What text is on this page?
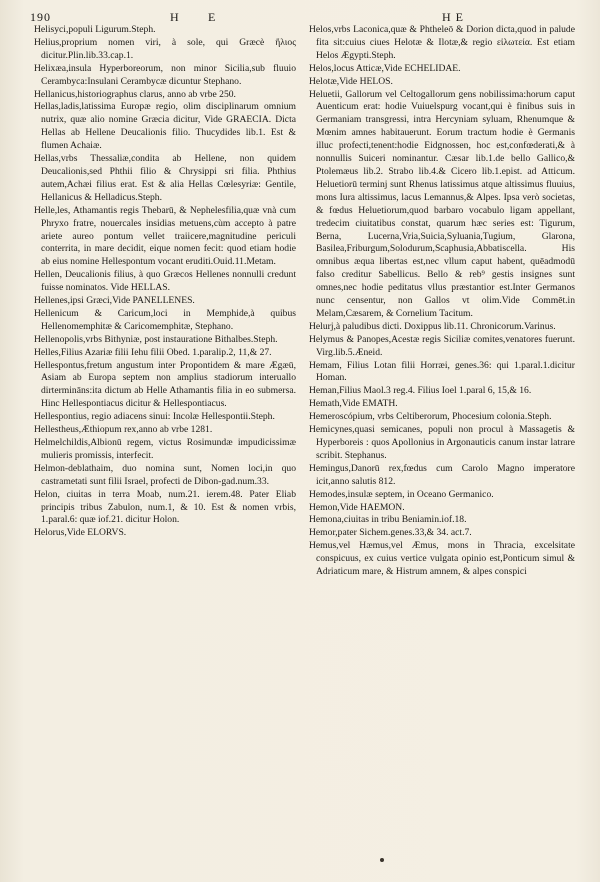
190	H E	H E

Helisyci,populi Ligurum.Steph.

Helius,proprium nomen viri, à sole, qui Græcè ἥλιος dicitur.Plin.lib.33.cap.1.

Helixæa,insula Hyperboreorum, non minor Sicilia,sub fluuio Cerambyca:Insulani Cerambycæ dicuntur Stephano.

Hellanicus,historiographus clarus, anno ab vrbe 250.

Hellas,ladis,latissima Europæ regio, olim disciplinarum omnium nutrix, quæ alio nomine Græcia dicitur, Vide GRAECIA. Dicta Hellas ab Hellene Deucalionis filio. Thucydides lib.1. Est & flumen Achaiæ.

Hellas,vrbs Thessaliæ,condita ab Hellene, non quidem Deucalionis,sed Phthii filio & Chrysippi sri filia. Phthius autem,Achæi filius erat. Est & alia Hellas Cœlesyriæ: Gentile, Hellanicus & Helladicus.Steph.

Helle,les, Athamantis regis Thebarū, & Nephelesfilia,quæ vnà cum Phryxo fratre, nouercales insidias metuens,cùm accepto à patre ariete aureo pontum vellet traiicere,magnitudine periculi conterrita, in mare decidit, eique nomen fecit: quod etiam hodie ab eius nomine Hellespontum vocant eruditi.Ouid.11.Metam.

Hellen, Deucalionis filius, à quo Græcos Hellenes nonnulli credunt fuisse nominatos. Vide HELLAS.

Hellenes,ipsi Græci,Vide PANELLENES.

Hellenicum & Caricum,loci in Memphide,à quibus Hellenomemphitæ & Caricomemphitæ, Stephano.

Hellenopolis,vrbs Bithyniæ, post instauratione Bithalbes.Steph.

Helles,Filius Azariæ filii Iehu filii Obed. 1.paralip.2, 11,& 27.

Hellespontus,fretum angustum inter Propontidem & mare Ægæū, Asiam ab Europa septem non amplius stadiorum interuallo dirtermināns:ita dictum ab Helle Athamantis filia in eo submersa. Hinc Hellespontiacus dicitur & Hellespontiacus.

Hellespontius, regio adiacens sinui: Incolæ Hellespontii.Steph.

Hellestheus,Æthiopum rex,anno ab vrbe 1281.

Helmelchildis,Albionū regem, victus Rosimundæ impudicissimæ mulieris promissis, interfecit.

Helmon-deblathaim, duo nomina sunt, Nomen loci,in quo castrametati sunt filii Israel, profecti de Dibon-gad.num.33.

Helon, ciuitas in terra Moab, num.21. ierem.48. Pater Eliab principis tribus Zabulon, num.1, & 10. Est & nomen vrbis, 1.paral.6: quæ iof.21. dicitur Holon.

Helorus,Vide ELORVS.

Helos,vrbs Laconica,quæ & Phtheleō & Dorion dicta,quod in palude fita sit:cuius ciues Helotæ & Ilotæ,& regio εἱλωτεία. Est etiam Helos Ægypti.Steph.

Helos,locus Atticæ,Vide ECHELIDAE.

Helotæ,Vide HELOS.

Heluetii, Gallorum vel Celtogallorum gens nobilissima:horum caput Auenticum erat: hodie Vuiuelspurg vocant,qui è finibus suis in Germaniam transgressi, intra Hercyniam syluam, Rhenumque & Mœnim amnes habitauerunt. Eorum tractum hodie è Germanis illuc profecti,tenent:hodie Eidgnossen, hoc est,confœderati,& à nonnullis Suiceri nominantur. Cæsar lib.1.de bello Gallico,& Ptolemæus lib.2. Strabo lib.4.& Cicero lib.1.epist. ad Atticum. Heluetiorū terminj sunt Rhenus latissimus atque altissimus fluuius, mons Iura altissimus, lacus Lemannus,& Alpes. Ipsa verò societas, & fœdus Heluetiorum,quod barbaro vocabulo ligam appellant, tredecim ciuitatibus constat, quarum hæc series est: Tigurum, Berna, Lucerna,Vria,Suicia,Syluania,Tugium, Glarona, Basilea,Friburgum,Solodurum,Scaphusia,Abbatiscella. His omnibus æqua libertas est,nec vllum caput habent, quēadmodū falso creditur Sabellicus. Bello & reb⁹ gestis insignes sunt omnes,nec hodie peditatus vllus præstantior est.Inter Germanos nunc censentur, non Gallos vt olim.Vide Commēt.in Melam,Cæsarem, & Cornelium Tacitum.

Helurj,à paludibus dicti. Doxippus lib.11. Chronicorum.Varinus.

Helymus & Panopes,Acestæ regis Siciliæ comites,venatores fuerunt. Virg.lib.5.Æneid.

Hemam, Filius Lotan filii Horræi, genes.36: qui 1.paral.1.dicitur Homan.

Heman,Filius Maol.3 reg.4. Filius Ioel 1.paral 6, 15,& 16.

Hemath,Vide EMATH.

Hemeroscópium, vrbs Celtiberorum, Phocesium colonia.Steph.

Hemicynes,quasi semicanes, populi non procul à Massagetis & Hyperboreis : quos Apollonius in Argonauticis canum instar latrare scribit. Stephanus.

Hemingus,Danorū rex,fœdus cum Carolo Magno imperatore icit,anno salutis 812.

Hemodes,insulæ septem, in Oceano Germanico.

Hemon,Vide HAEMON.

Hemona,ciuitas in tribu Beniamin.iof.18.

Hemor,pater Sichem.genes.33,& 34. act.7.

Hemus,vel Hæmus,vel Æmus, mons in Thracia, excelsitate conspicuus, ex cuius vertice vulgata opinio est,Ponticum simul & Adriaticum mare, & Histrum amnem, & alpes conspici
